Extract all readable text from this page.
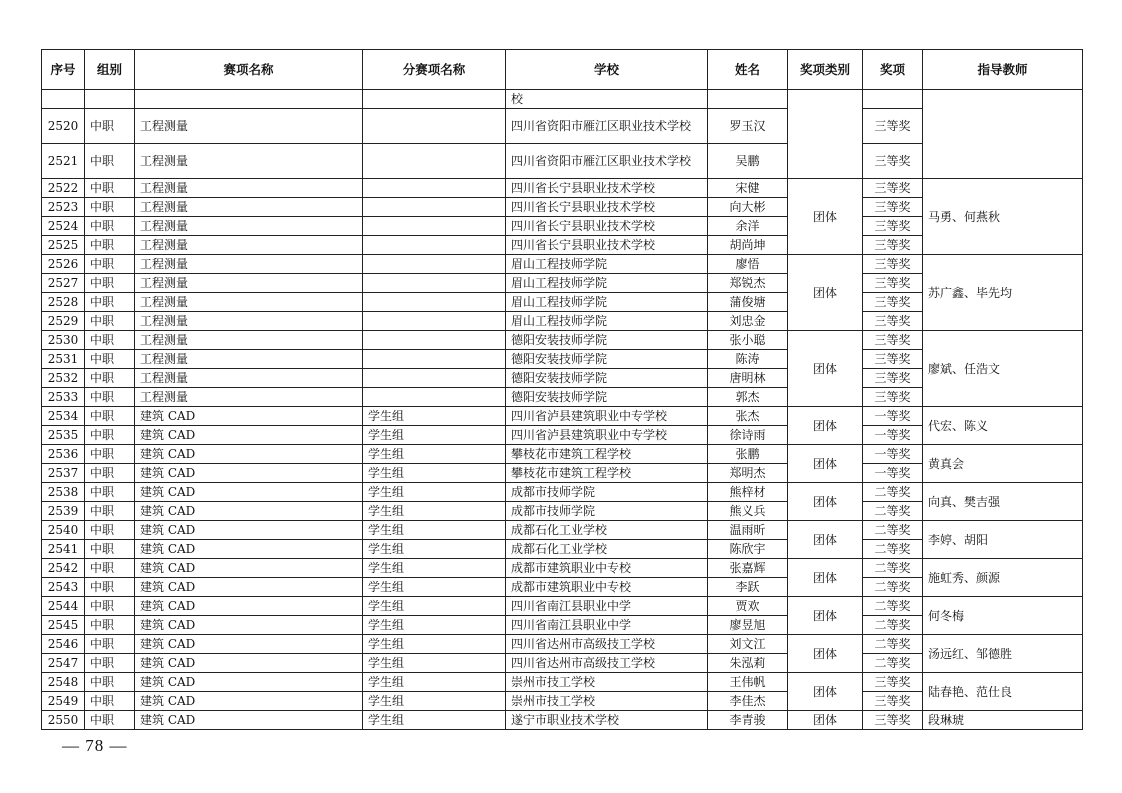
序号	组别	赛项名称	分赛项名称	学校	姓名	奖项类别	奖项	指导教师
				校				
2520	中职	工程测量		四川省资阳市雁江区职业技术学校	罗玉汉		三等奖	
2521	中职	工程测量		四川省资阳市雁江区职业技术学校	吴鹏		三等奖	
2522	中职	工程测量		四川省长宁县职业技术学校	宋健	团体	三等奖	马勇、何燕秋
2523	中职	工程测量		四川省长宁县职业技术学校	向大彬		三等奖	
2524	中职	工程测量		四川省长宁县职业技术学校	余洋		三等奖	
2525	中职	工程测量		四川省长宁县职业技术学校	胡尚坤		三等奖	
2526	中职	工程测量		眉山工程技师学院	廖悟	团体	三等奖	苏广鑫、毕先均
2527	中职	工程测量		眉山工程技师学院	郑锐杰		三等奖	
2528	中职	工程测量		眉山工程技师学院	蒲俊塘		三等奖	
2529	中职	工程测量		眉山工程技师学院	刘忠金		三等奖	
2530	中职	工程测量		德阳安装技师学院	张小聪	团体	三等奖	廖斌、任浩文
2531	中职	工程测量		德阳安装技师学院	陈涛		三等奖	
2532	中职	工程测量		德阳安装技师学院	唐明林		三等奖	
2533	中职	工程测量		德阳安装技师学院	郭杰		三等奖	
2534	中职	建筑 CAD	学生组	四川省泸县建筑职业中专学校	张杰	团体	一等奖	代宏、陈义
2535	中职	建筑 CAD	学生组	四川省泸县建筑职业中专学校	徐诗雨		一等奖	
2536	中职	建筑 CAD	学生组	攀枝花市建筑工程学校	张鹏	团体	一等奖	黄真会
2537	中职	建筑 CAD	学生组	攀枝花市建筑工程学校	郑明杰		一等奖	
2538	中职	建筑 CAD	学生组	成都市技师学院	熊梓材	团体	二等奖	向真、樊吉强
2539	中职	建筑 CAD	学生组	成都市技师学院	熊义兵		二等奖	
2540	中职	建筑 CAD	学生组	成都石化工业学校	温雨昕	团体	二等奖	李婷、胡阳
2541	中职	建筑 CAD	学生组	成都石化工业学校	陈欣宇		二等奖	
2542	中职	建筑 CAD	学生组	成都市建筑职业中专校	张嘉辉	团体	二等奖	施虹秀、颜源
2543	中职	建筑 CAD	学生组	成都市建筑职业中专校	李跃		二等奖	
2544	中职	建筑 CAD	学生组	四川省南江县职业中学	贾欢	团体	二等奖	何冬梅
2545	中职	建筑 CAD	学生组	四川省南江县职业中学	廖昱旭		二等奖	
2546	中职	建筑 CAD	学生组	四川省达州市高级技工学校	刘文江	团体	二等奖	汤远红、邹德胜
2547	中职	建筑 CAD	学生组	四川省达州市高级技工学校	朱泓莉		二等奖	
2548	中职	建筑 CAD	学生组	崇州市技工学校	王伟帆	团体	三等奖	陆春艳、范仕良
2549	中职	建筑 CAD	学生组	崇州市技工学校	李佳杰		三等奖	
2550	中职	建筑 CAD	学生组	遂宁市职业技术学校	李青骏	团体	三等奖	段琳琥
— 78 —
